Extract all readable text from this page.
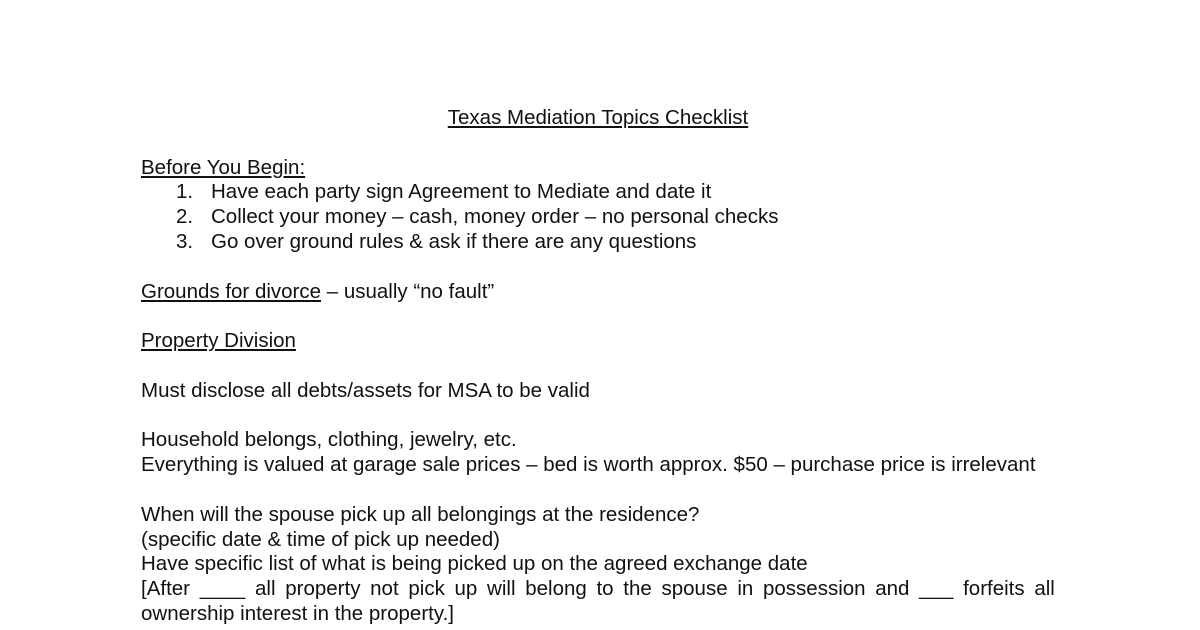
Texas Mediation Topics Checklist
Before You Begin:
1. Have each party sign Agreement to Mediate and date it
2. Collect your money – cash, money order – no personal checks
3. Go over ground rules & ask if there are any questions
Grounds for divorce – usually “no fault”
Property Division
Must disclose all debts/assets for MSA to be valid
Household belongs, clothing, jewelry, etc.
Everything is valued at garage sale prices – bed is worth approx. $50 – purchase price is irrelevant
When will the spouse pick up all belongings at the residence?
(specific date & time of pick up needed)
Have specific list of what is being picked up on the agreed exchange date
[After ____ all property not pick up will belong to the spouse in possession and ___ forfeits all
ownership interest in the property.]
